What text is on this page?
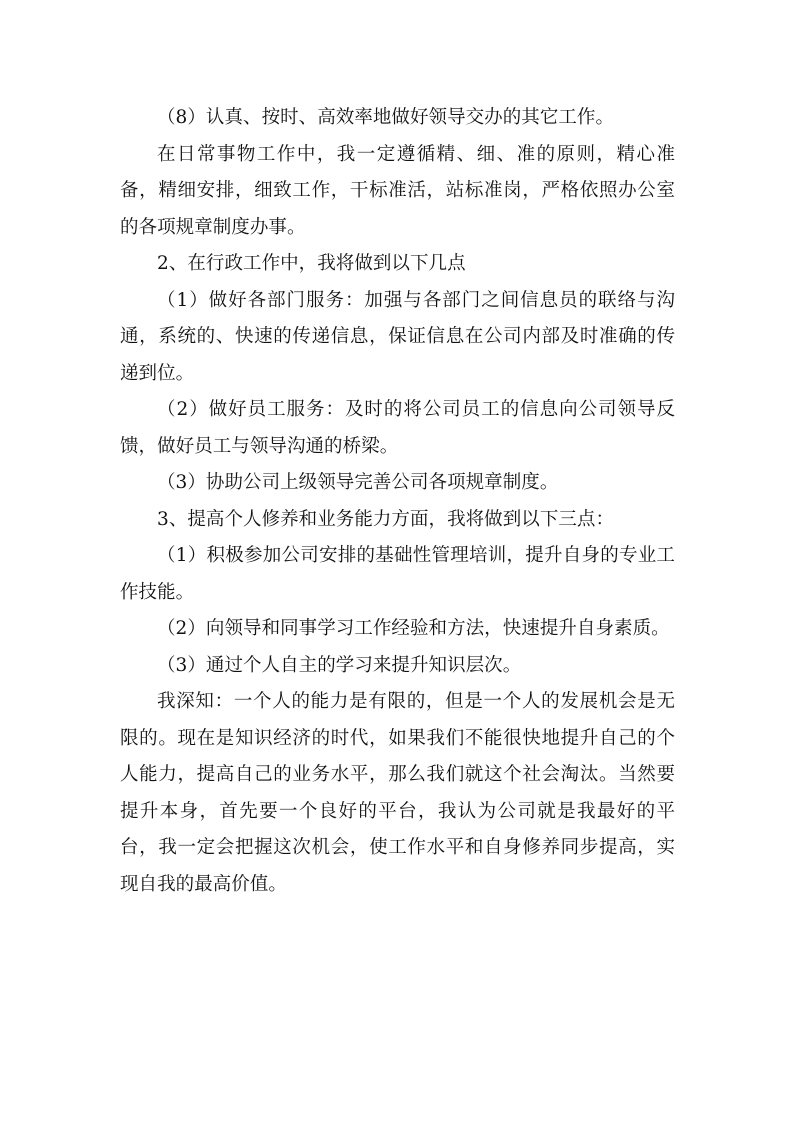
（8）认真、按时、高效率地做好领导交办的其它工作。

在日常事物工作中，我一定遵循精、细、准的原则，精心准备，精细安排，细致工作，干标准活，站标准岗，严格依照办公室的各项规章制度办事。

2、在行政工作中，我将做到以下几点

（1）做好各部门服务：加强与各部门之间信息员的联络与沟通，系统的、快速的传递信息，保证信息在公司内部及时准确的传递到位。

（2）做好员工服务：及时的将公司员工的信息向公司领导反馈，做好员工与领导沟通的桥梁。

（3）协助公司上级领导完善公司各项规章制度。

3、提高个人修养和业务能力方面，我将做到以下三点：

（1）积极参加公司安排的基础性管理培训，提升自身的专业工作技能。

（2）向领导和同事学习工作经验和方法，快速提升自身素质。

（3）通过个人自主的学习来提升知识层次。

我深知：一个人的能力是有限的，但是一个人的发展机会是无限的。现在是知识经济的时代，如果我们不能很快地提升自己的个人能力，提高自己的业务水平，那么我们就这个社会淘汰。当然要提升本身，首先要一个良好的平台，我认为公司就是我最好的平台，我一定会把握这次机会，使工作水平和自身修养同步提高，实现自我的最高价值。
